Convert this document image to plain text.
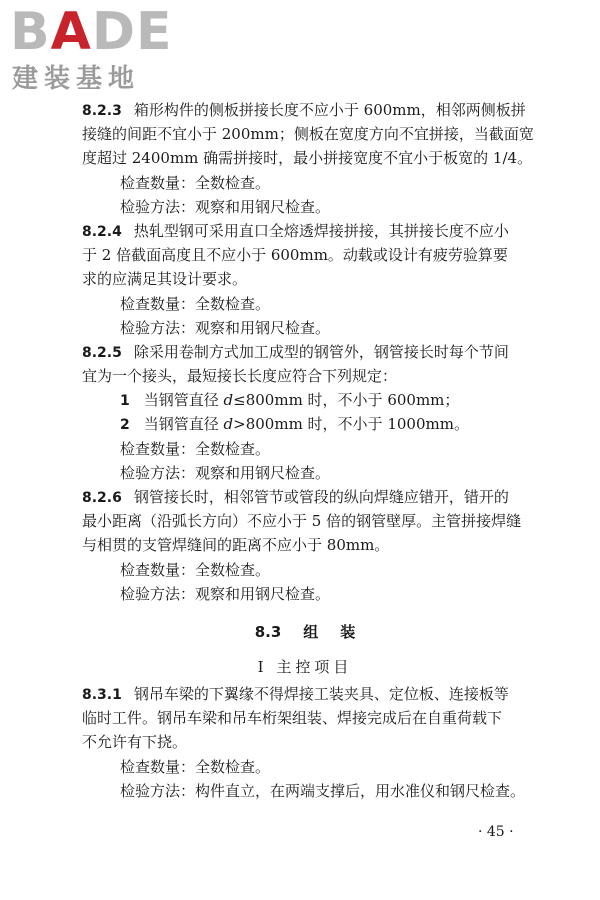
BADE
建装基地
8.2.3 箱形构件的侧板拼接长度不应小于 600mm，相邻两侧板拼
接缝的间距不宜小于 200mm；侧板在宽度方向不宜拼接，当截面宽
度超过 2400mm 确需拼接时，最小拼接宽度不宜小于板宽的 1/4。
检查数量：全数检查。
检验方法：观察和用钢尺检查。
8.2.4 热轧型钢可采用直口全熔透焊接拼接，其拼接长度不应小
于 2 倍截面高度且不应小于 600mm。动载或设计有疲劳验算要
求的应满足其设计要求。
检查数量：全数检查。
检验方法：观察和用钢尺检查。
8.2.5 除采用卷制方式加工成型的钢管外，钢管接长时每个节间
宜为一个接头，最短接长长度应符合下列规定：
1 当钢管直径 d≤800mm 时，不小于 600mm；
2 当钢管直径 d>800mm 时，不小于 1000mm。
检查数量：全数检查。
检验方法：观察和用钢尺检查。
8.2.6 钢管接长时，相邻管节或管段的纵向焊缝应错开，错开的
最小距离（沿弧长方向）不应小于 5 倍的钢管壁厚。主管拼接焊缝
与相贯的支管焊缝间的距离不应小于 80mm。
检查数量：全数检查。
检验方法：观察和用钢尺检查。
8.3 组 装
Ⅰ 主控项目
8.3.1 钢吊车梁的下翼缘不得焊接工装夹具、定位板、连接板等
临时工件。钢吊车梁和吊车桁架组装、焊接完成后在自重荷载下
不允许有下挠。
检查数量：全数检查。
检验方法：构件直立，在两端支撑后，用水准仪和钢尺检查。
· 45 ·
